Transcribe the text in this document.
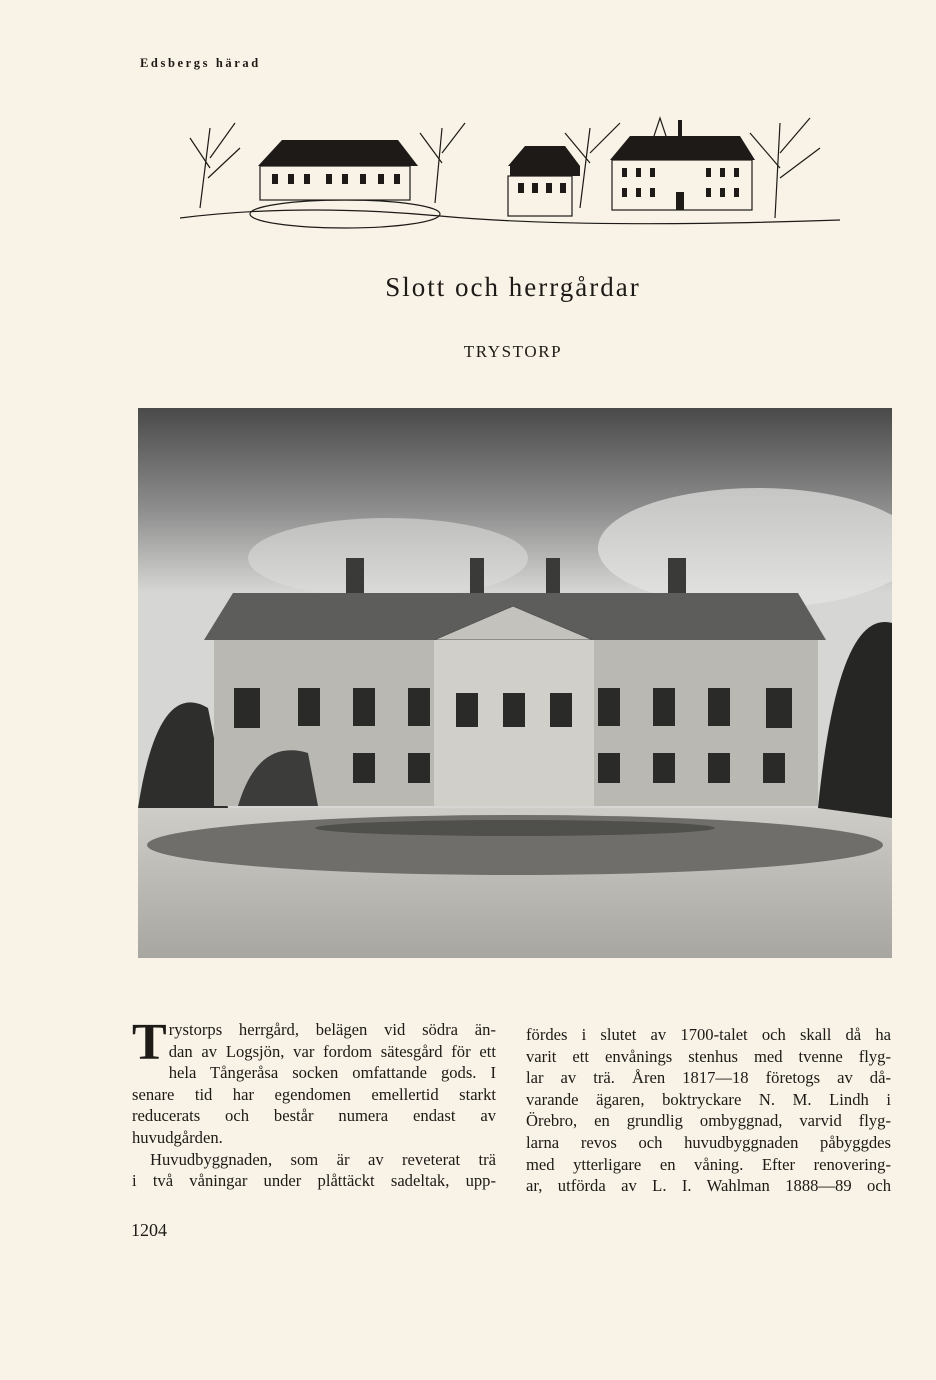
Edsbergs härad
Slott och herrgårdar
TRYSTORP
T rystorps herrgård, belägen vid södra än-
dan av Logsjön, var fordom sätesgård för ett
hela Tångeråsa socken omfattande gods. I
senare tid har egendomen emellertid starkt
reducerats och består numera endast av
huvudgården.
Huvudbyggnaden, som är av reveterat trä
i två våningar under plåttäckt sadeltak, upp-
fördes i slutet av 1700-talet och skall då ha
varit ett envånings stenhus med tvenne flyg-
lar av trä. Åren 1817—18 företogs av då-
varande ägaren, boktryckare N. M. Lindh i
Örebro, en grundlig ombyggnad, varvid flyg-
larna revos och huvudbyggnaden påbyggdes
med ytterligare en våning. Efter renovering-
ar, utförda av L. I. Wahlman 1888—89 och
1204
